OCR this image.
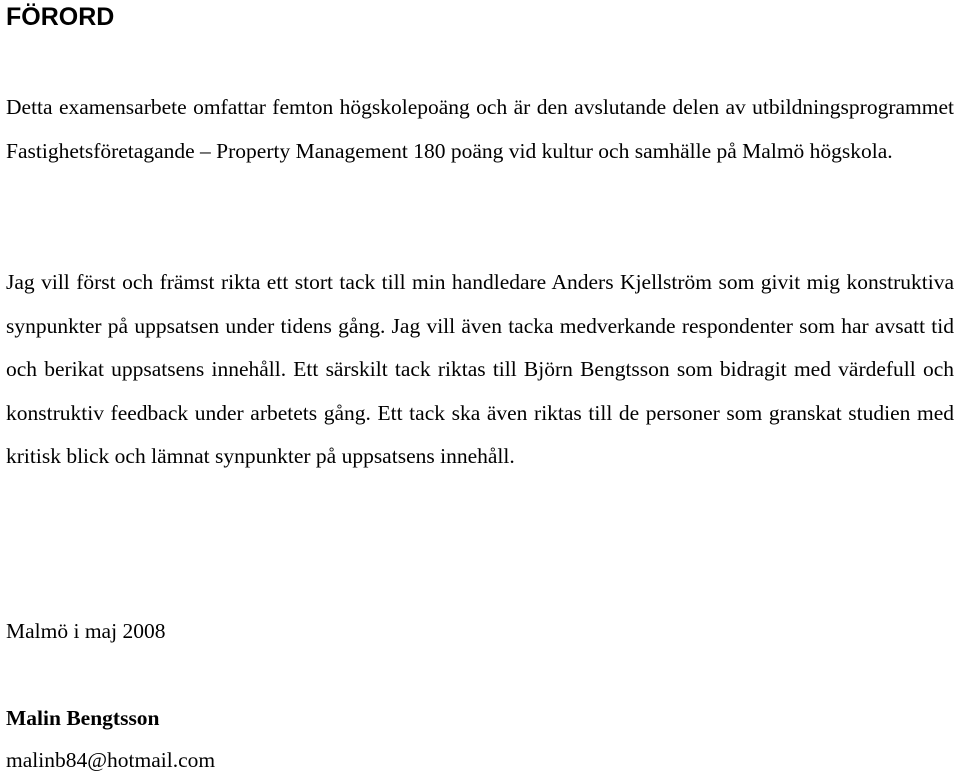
FÖRORD

Detta examensarbete omfattar femton högskolepoäng och är den avslutande delen av utbildningsprogrammet Fastighetsföretagande – Property Management 180 poäng vid kultur och samhälle på Malmö högskola.

Jag vill först och främst rikta ett stort tack till min handledare Anders Kjellström som givit mig konstruktiva synpunkter på uppsatsen under tidens gång. Jag vill även tacka medverkande respondenter som har avsatt tid och berikat uppsatsens innehåll. Ett särskilt tack riktas till Björn Bengtsson som bidragit med värdefull och konstruktiv feedback under arbetets gång. Ett tack ska även riktas till de personer som granskat studien med kritisk blick och lämnat synpunkter på uppsatsens innehåll.

Malmö i maj 2008
Malin Bengtsson
malinb84@hotmail.com
